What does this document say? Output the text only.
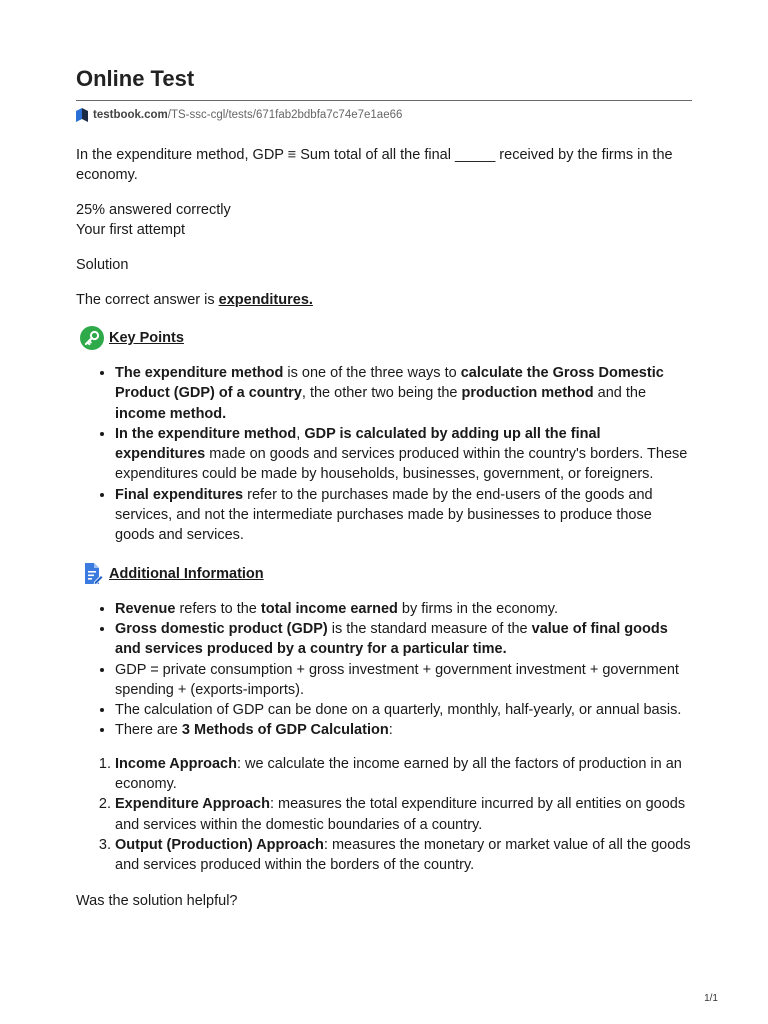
Online Test
testbook.com /TS-ssc-cgl/tests/671fab2bdbfa7c74e7e1ae66

In the expenditure method, GDP ≡ Sum total of all the final _____ received by the firms in the economy.

25% answered correctly

Your first attempt

Solution

The correct answer is expenditures.

Key Points
• The expenditure method is one of the three ways to calculate the Gross Domestic Product (GDP) of a country, the other two being the production method and the income method.
• In the expenditure method, GDP is calculated by adding up all the final expenditures made on goods and services produced within the country's borders. These expenditures could be made by households, businesses, government, or foreigners.
• Final expenditures refer to the purchases made by the end-users of the goods and services, and not the intermediate purchases made by businesses to produce those goods and services.
Additional Information
• Revenue refers to the total income earned by firms in the economy.
• Gross domestic product (GDP) is the standard measure of the value of final goods and services produced by a country for a particular time.
• GDP = private consumption + gross investment + government investment + government spending + (exports-imports).
• The calculation of GDP can be done on a quarterly, monthly, half-yearly, or annual basis.
• There are 3 Methods of GDP Calculation:
1. Income Approach: we calculate the income earned by all the factors of production in an economy.
2. Expenditure Approach: measures the total expenditure incurred by all entities on goods and services within the domestic boundaries of a country.
3. Output (Production) Approach: measures the monetary or market value of all the goods and services produced within the borders of the country.

Was the solution helpful?

1/1
